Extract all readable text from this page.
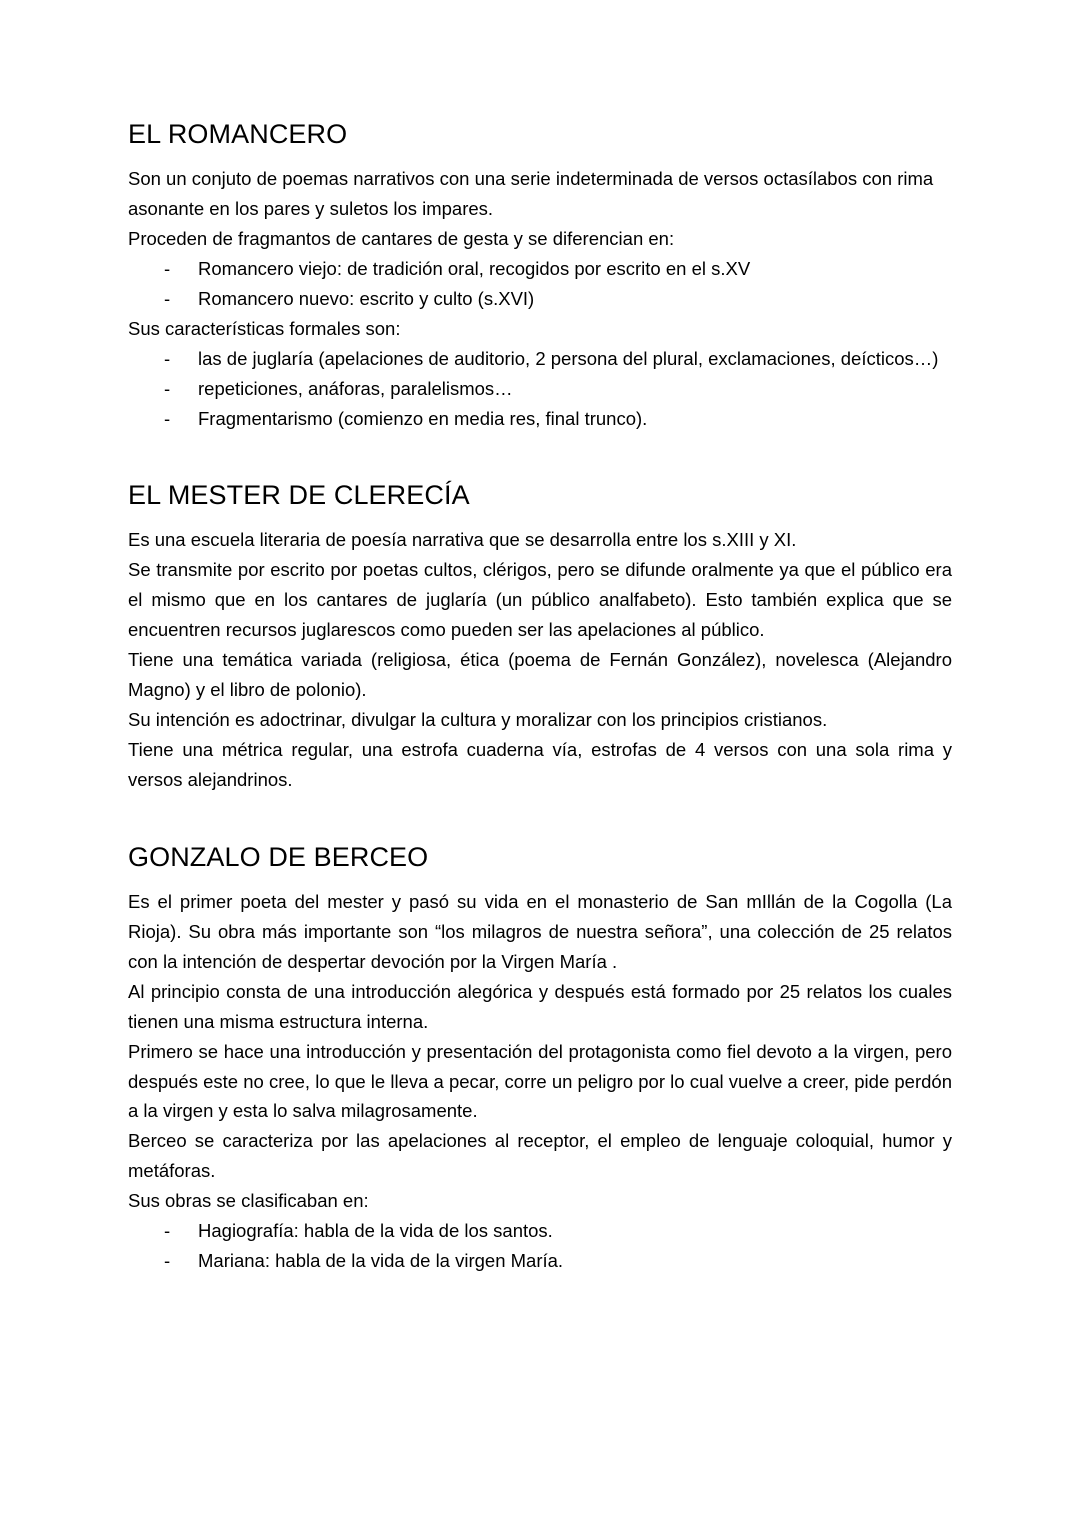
EL ROMANCERO

Son un conjuto de poemas narrativos con una serie indeterminada de versos octasílabos con rima asonante en los pares y suletos los impares.

Proceden de fragmantos de cantares de gesta y se diferencian en:

- Romancero viejo: de tradición oral, recogidos por escrito en el s.XV
- Romancero nuevo: escrito y culto (s.XVI)

Sus características formales son:

- las de juglaría (apelaciones de auditorio, 2 persona del plural, exclamaciones, deícticos…)
- repeticiones, anáforas, paralelismos…
- Fragmentarismo (comienzo en media res, final trunco).
EL MESTER DE CLERECÍA

Es una escuela literaria de poesía narrativa que se desarrolla entre los s.XIII y XI.

Se transmite por escrito por poetas cultos, clérigos, pero se difunde oralmente ya que el público era el mismo que en los cantares de juglaría (un público analfabeto). Esto también explica que se encuentren recursos juglarescos como pueden ser las apelaciones al público.

Tiene una temática variada (religiosa, ética (poema de Fernán González), novelesca (Alejandro Magno) y el libro de polonio).

Su intención es adoctrinar, divulgar la cultura y moralizar con los principios cristianos.

Tiene una métrica regular, una estrofa cuaderna vía, estrofas de 4 versos con una sola rima y versos alejandrinos.

GONZALO DE BERCEO

Es el primer poeta del mester y pasó su vida en el monasterio de San mIllán de la Cogolla (La Rioja). Su obra más importante son “los milagros de nuestra señora”, una colección de 25 relatos con la intención de despertar devoción por la Virgen María .

Al principio consta de una introducción alegórica y después está formado por 25 relatos los cuales tienen una misma estructura interna.

Primero se hace una introducción y presentación del protagonista como fiel devoto a la virgen, pero después este no cree, lo que le lleva a pecar, corre un peligro por lo cual vuelve a creer, pide perdón a la virgen y esta lo salva milagrosamente.

Berceo se caracteriza por las apelaciones al receptor, el empleo de lenguaje coloquial, humor y metáforas.

Sus obras se clasificaban en:

- Hagiografía: habla de la vida de los santos.
- Mariana: habla de la vida de la virgen María.
